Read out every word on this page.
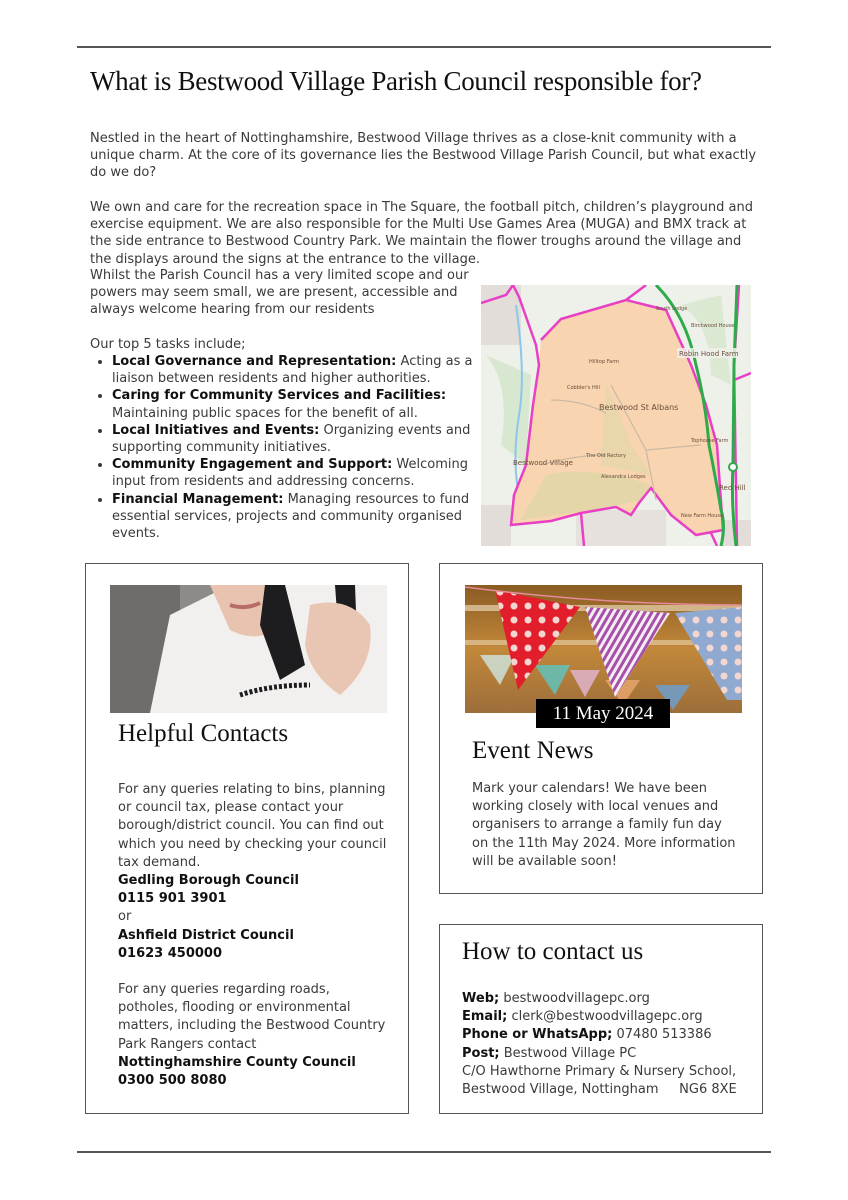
What is Bestwood Village Parish Council responsible for?

Nestled in the heart of Nottinghamshire, Bestwood Village thrives as a close-knit community with a unique charm. At the core of its governance lies the Bestwood Village Parish Council, but what exactly do we do?

We own and care for the recreation space in The Square, the football pitch, children’s playground and exercise equipment. We are also responsible for the Multi Use Games Area (MUGA) and BMX track at the side entrance to Bestwood Country Park. We maintain the flower troughs around the village and the displays around the signs at the entrance to the village.

Whilst the Parish Council has a very limited scope and our powers may seem small, we are present, accessible and always welcome hearing from our residents

Our top 5 tasks include;

• Local Governance and Representation: Acting as a liaison between residents and higher authorities.
• Caring for Community Services and Facilities: Maintaining public spaces for the benefit of all.
• Local Initiatives and Events: Organizing events and supporting community initiatives.
• Community Engagement and Support: Welcoming input from residents and addressing concerns.
• Financial Management: Managing resources to fund essential services, projects and community organised events.
Bestwood St Albans
Bestwood Village
Red Hill
Cobbler's Hill
Hilltop Farm
The Old Rectory
Alexandra Lodges
Tophouse Farm
New Farm House
Birchwood House
Robin Hood Farm
South Lodge
Helpful Contacts

For any queries relating to bins, planning or council tax, please contact your borough/district council. You can find out which you need by checking your council tax demand.

Gedling Borough Council

0115 901 3901

or

Ashfield District Council

01623 450000

For any queries regarding roads, potholes, flooding or environmental matters, including the Bestwood Country Park Rangers contact

Nottinghamshire County Council

0300 500 8080

11 May 2024
Event News

Mark your calendars! We have been working closely with local venues and organisers to arrange a family fun day on the 11th May 2024. More information will be available soon!

How to contact us

Web; bestwoodvillagepc.org

Email; clerk@bestwoodvillagepc.org

Phone or WhatsApp; 07480 513386

Post; Bestwood Village PC

C/O Hawthorne Primary & Nursery School,

Bestwood Village, Nottingham     NG6 8XE
